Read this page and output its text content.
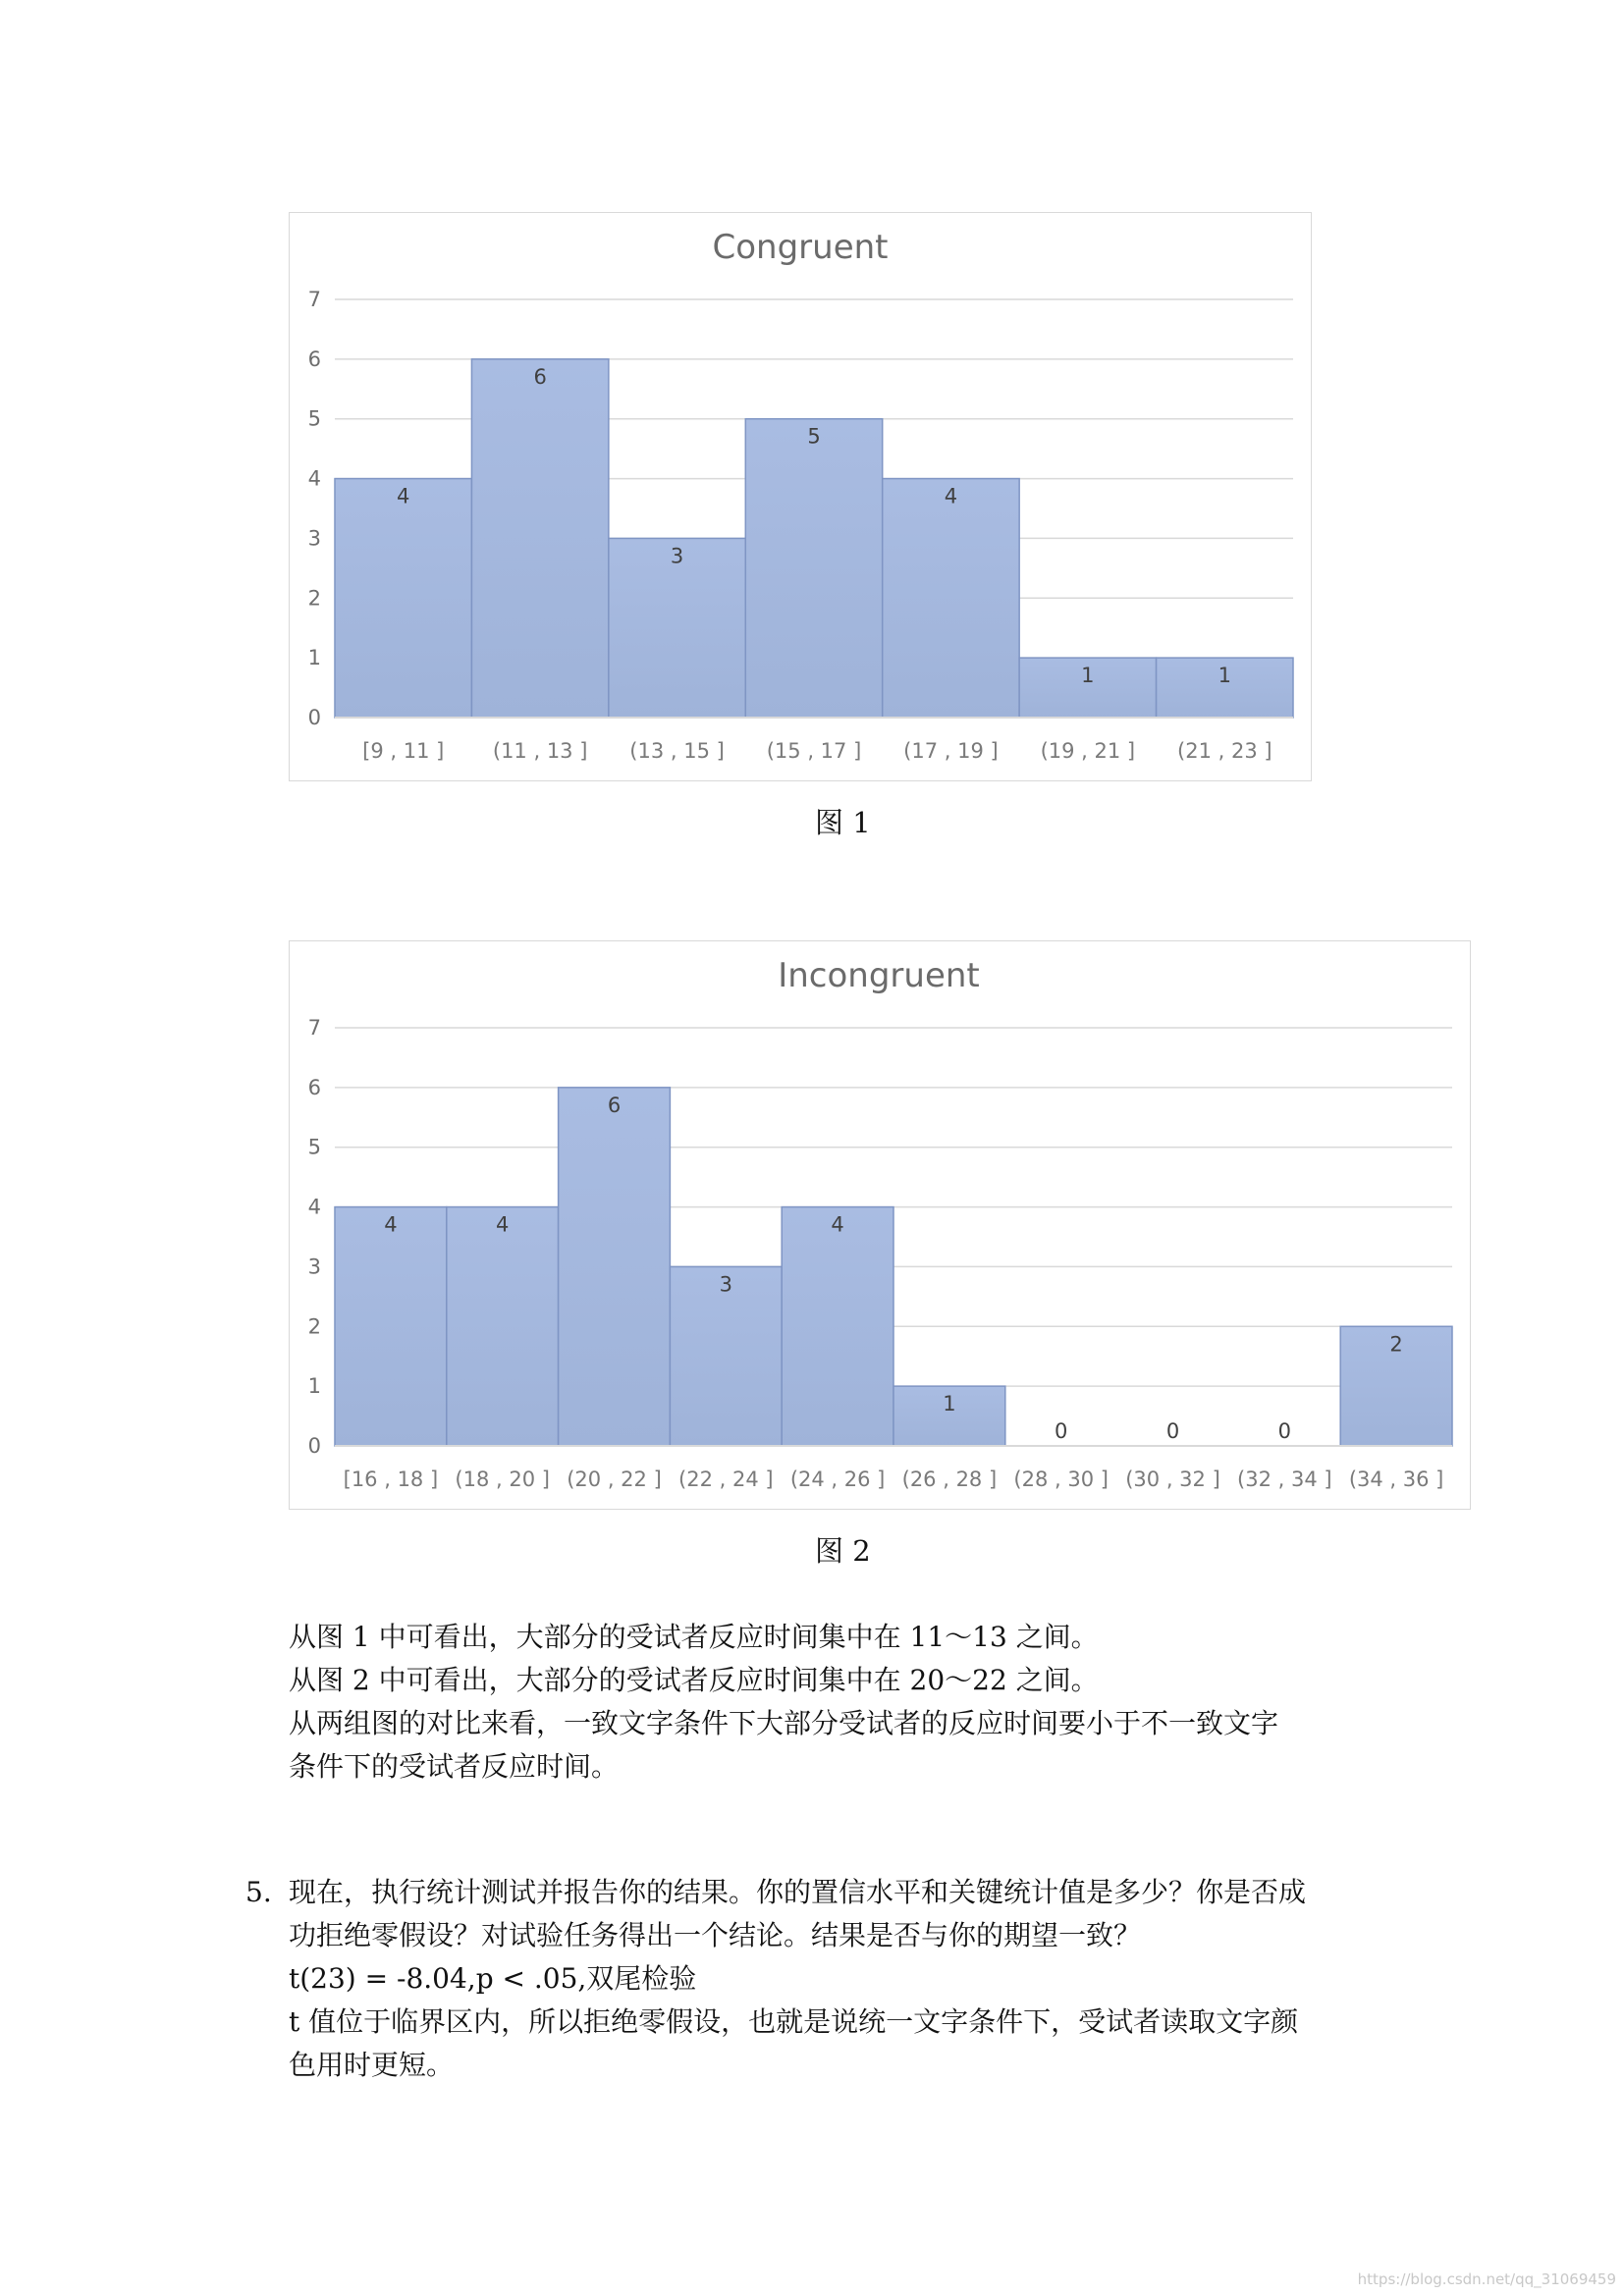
Congruent
0
1
2
3
4
5
6
7
4
[9 , 11 ]
6
(11 , 13 ]
3
(13 , 15 ]
5
(15 , 17 ]
4
(17 , 19 ]
1
(19 , 21 ]
1
(21 , 23 ]
图 1
Incongruent
0
1
2
3
4
5
6
7
4
[16 , 18 ]
4
(18 , 20 ]
6
(20 , 22 ]
3
(22 , 24 ]
4
(24 , 26 ]
1
(26 , 28 ]
0
(28 , 30 ]
0
(30 , 32 ]
0
(32 , 34 ]
2
(34 , 36 ]
图 2
从图 1 中可看出，大部分的受试者反应时间集中在 11～13 之间。
从图 2 中可看出，大部分的受试者反应时间集中在 20～22 之间。
从两组图的对比来看，一致文字条件下大部分受试者的反应时间要小于不一致文字
条件下的受试者反应时间。
5. 现在，执行统计测试并报告你的结果。你的置信水平和关键统计值是多少？你是否成
功拒绝零假设？对试验任务得出一个结论。结果是否与你的期望一致？
t(23) = -8.04,p < .05,双尾检验
t 值位于临界区内，所以拒绝零假设，也就是说统一文字条件下，受试者读取文字颜
色用时更短。
https://blog.csdn.net/qq_31069459
